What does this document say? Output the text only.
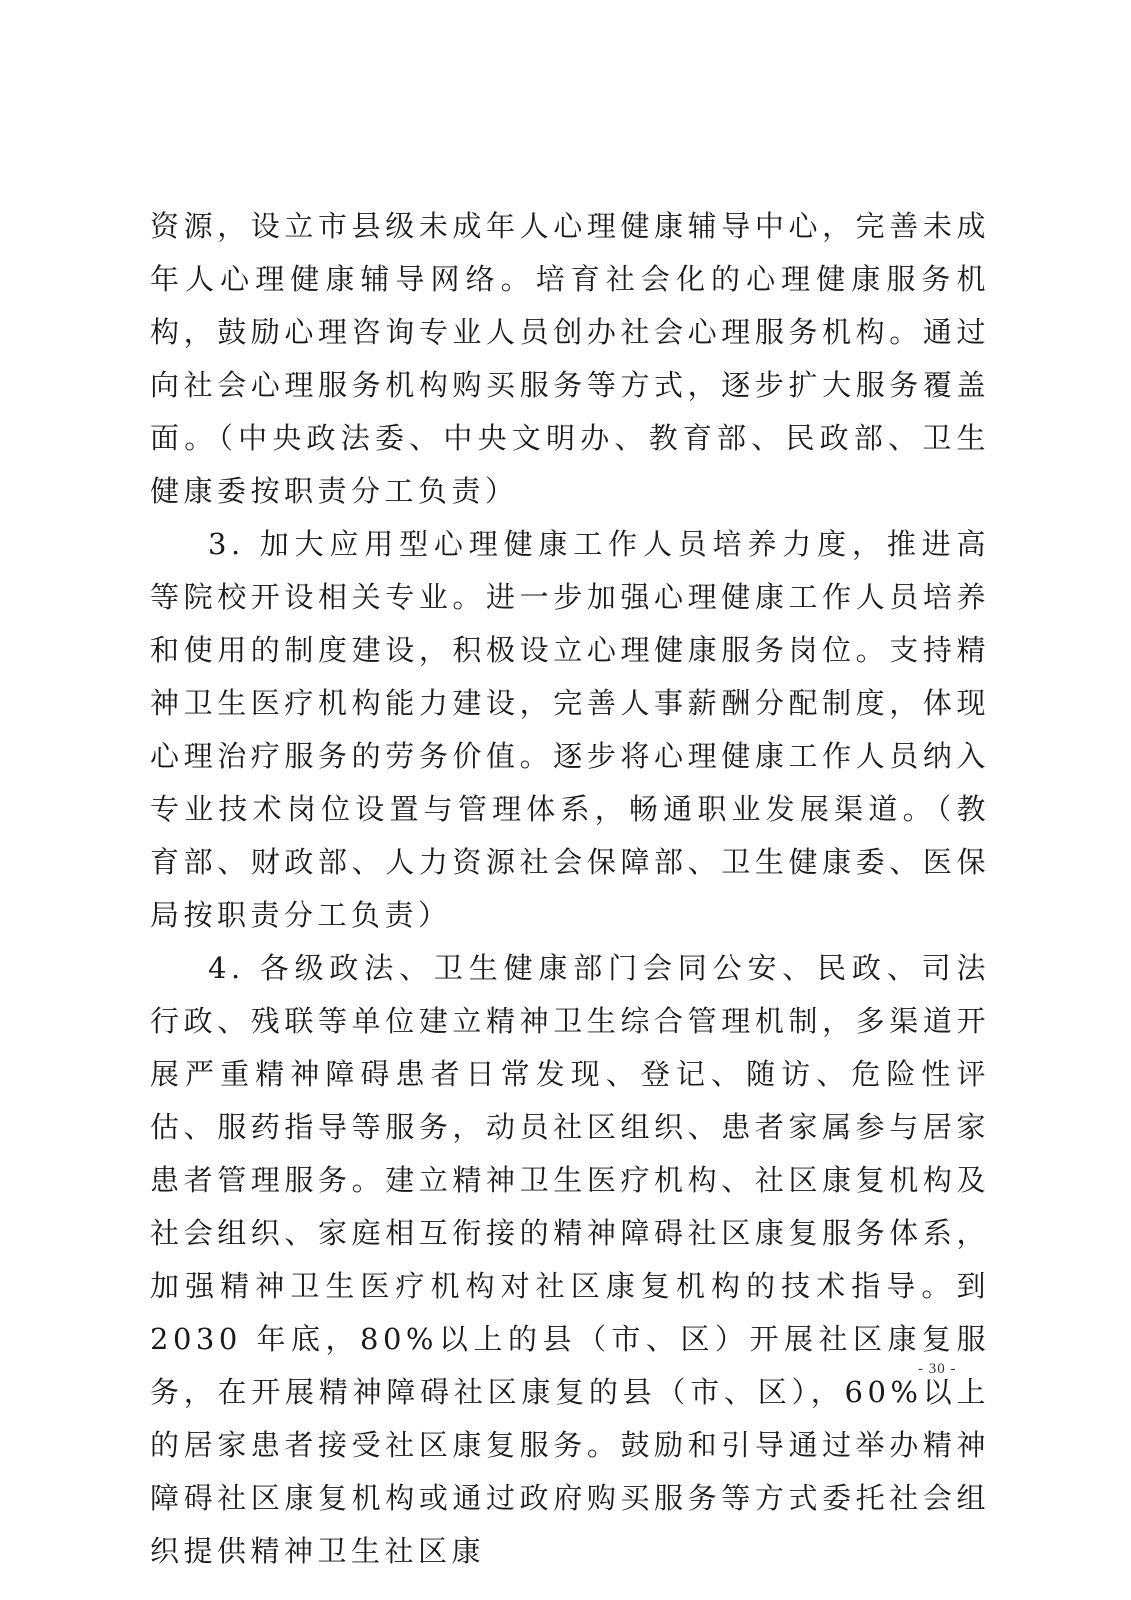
资源，设立市县级未成年人心理健康辅导中心，完善未成年人心理健康辅导网络。培育社会化的心理健康服务机构，鼓励心理咨询专业人员创办社会心理服务机构。通过向社会心理服务机构购买服务等方式，逐步扩大服务覆盖面。（中央政法委、中央文明办、教育部、民政部、卫生健康委按职责分工负责）

3. 加大应用型心理健康工作人员培养力度，推进高等院校开设相关专业。进一步加强心理健康工作人员培养和使用的制度建设，积极设立心理健康服务岗位。支持精神卫生医疗机构能力建设，完善人事薪酬分配制度，体现心理治疗服务的劳务价值。逐步将心理健康工作人员纳入专业技术岗位设置与管理体系，畅通职业发展渠道。（教育部、财政部、人力资源社会保障部、卫生健康委、医保局按职责分工负责）

4. 各级政法、卫生健康部门会同公安、民政、司法行政、残联等单位建立精神卫生综合管理机制，多渠道开展严重精神障碍患者日常发现、登记、随访、危险性评估、服药指导等服务，动员社区组织、患者家属参与居家患者管理服务。建立精神卫生医疗机构、社区康复机构及社会组织、家庭相互衔接的精神障碍社区康复服务体系，加强精神卫生医疗机构对社区康复机构的技术指导。到 2030 年底，80%以上的县（市、区）开展社区康复服务，在开展精神障碍社区康复的县（市、区），60%以上的居家患者接受社区康复服务。鼓励和引导通过举办精神障碍社区康复机构或通过政府购买服务等方式委托社会组织提供精神卫生社区康

- 30 -
